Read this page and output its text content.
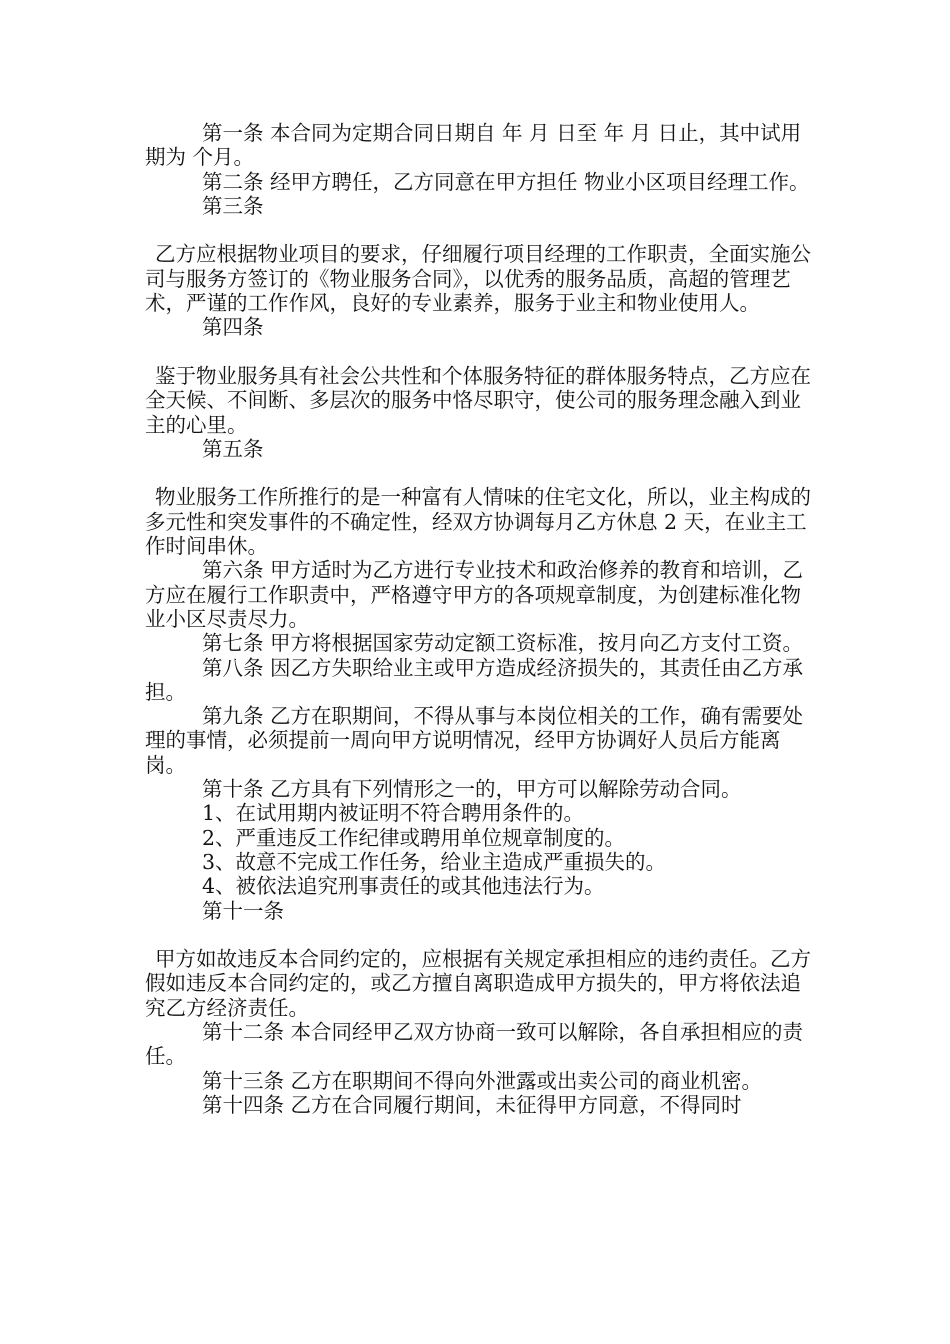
第一条 本合同为定期合同日期自 年 月 日至 年 月 日止，其中试用期为 个月。

第二条 经甲方聘任，乙方同意在甲方担任 物业小区项目经理工作。

第三条

乙方应根据物业项目的要求，仔细履行项目经理的工作职责，全面实施公司与服务方签订的《物业服务合同》，以优秀的服务品质，高超的管理艺术，严谨的工作作风，良好的专业素养，服务于业主和物业使用人。

第四条

鉴于物业服务具有社会公共性和个体服务特征的群体服务特点，乙方应在全天候、不间断、多层次的服务中恪尽职守，使公司的服务理念融入到业主的心里。

第五条

物业服务工作所推行的是一种富有人情味的住宅文化，所以，业主构成的多元性和突发事件的不确定性，经双方协调每月乙方休息 2 天，在业主工作时间串休。

第六条 甲方适时为乙方进行专业技术和政治修养的教育和培训，乙方应在履行工作职责中，严格遵守甲方的各项规章制度，为创建标准化物业小区尽责尽力。

第七条 甲方将根据国家劳动定额工资标准，按月向乙方支付工资。

第八条 因乙方失职给业主或甲方造成经济损失的，其责任由乙方承担。

第九条 乙方在职期间，不得从事与本岗位相关的工作，确有需要处理的事情，必须提前一周向甲方说明情况，经甲方协调好人员后方能离岗。

第十条 乙方具有下列情形之一的，甲方可以解除劳动合同。

1、在试用期内被证明不符合聘用条件的。

2、严重违反工作纪律或聘用单位规章制度的。

3、故意不完成工作任务，给业主造成严重损失的。

4、被依法追究刑事责任的或其他违法行为。

第十一条

甲方如故违反本合同约定的，应根据有关规定承担相应的违约责任。乙方假如违反本合同约定的，或乙方擅自离职造成甲方损失的，甲方将依法追究乙方经济责任。

第十二条 本合同经甲乙双方协商一致可以解除，各自承担相应的责任。

第十三条 乙方在职期间不得向外泄露或出卖公司的商业机密。

第十四条 乙方在合同履行期间，未征得甲方同意，不得同时
